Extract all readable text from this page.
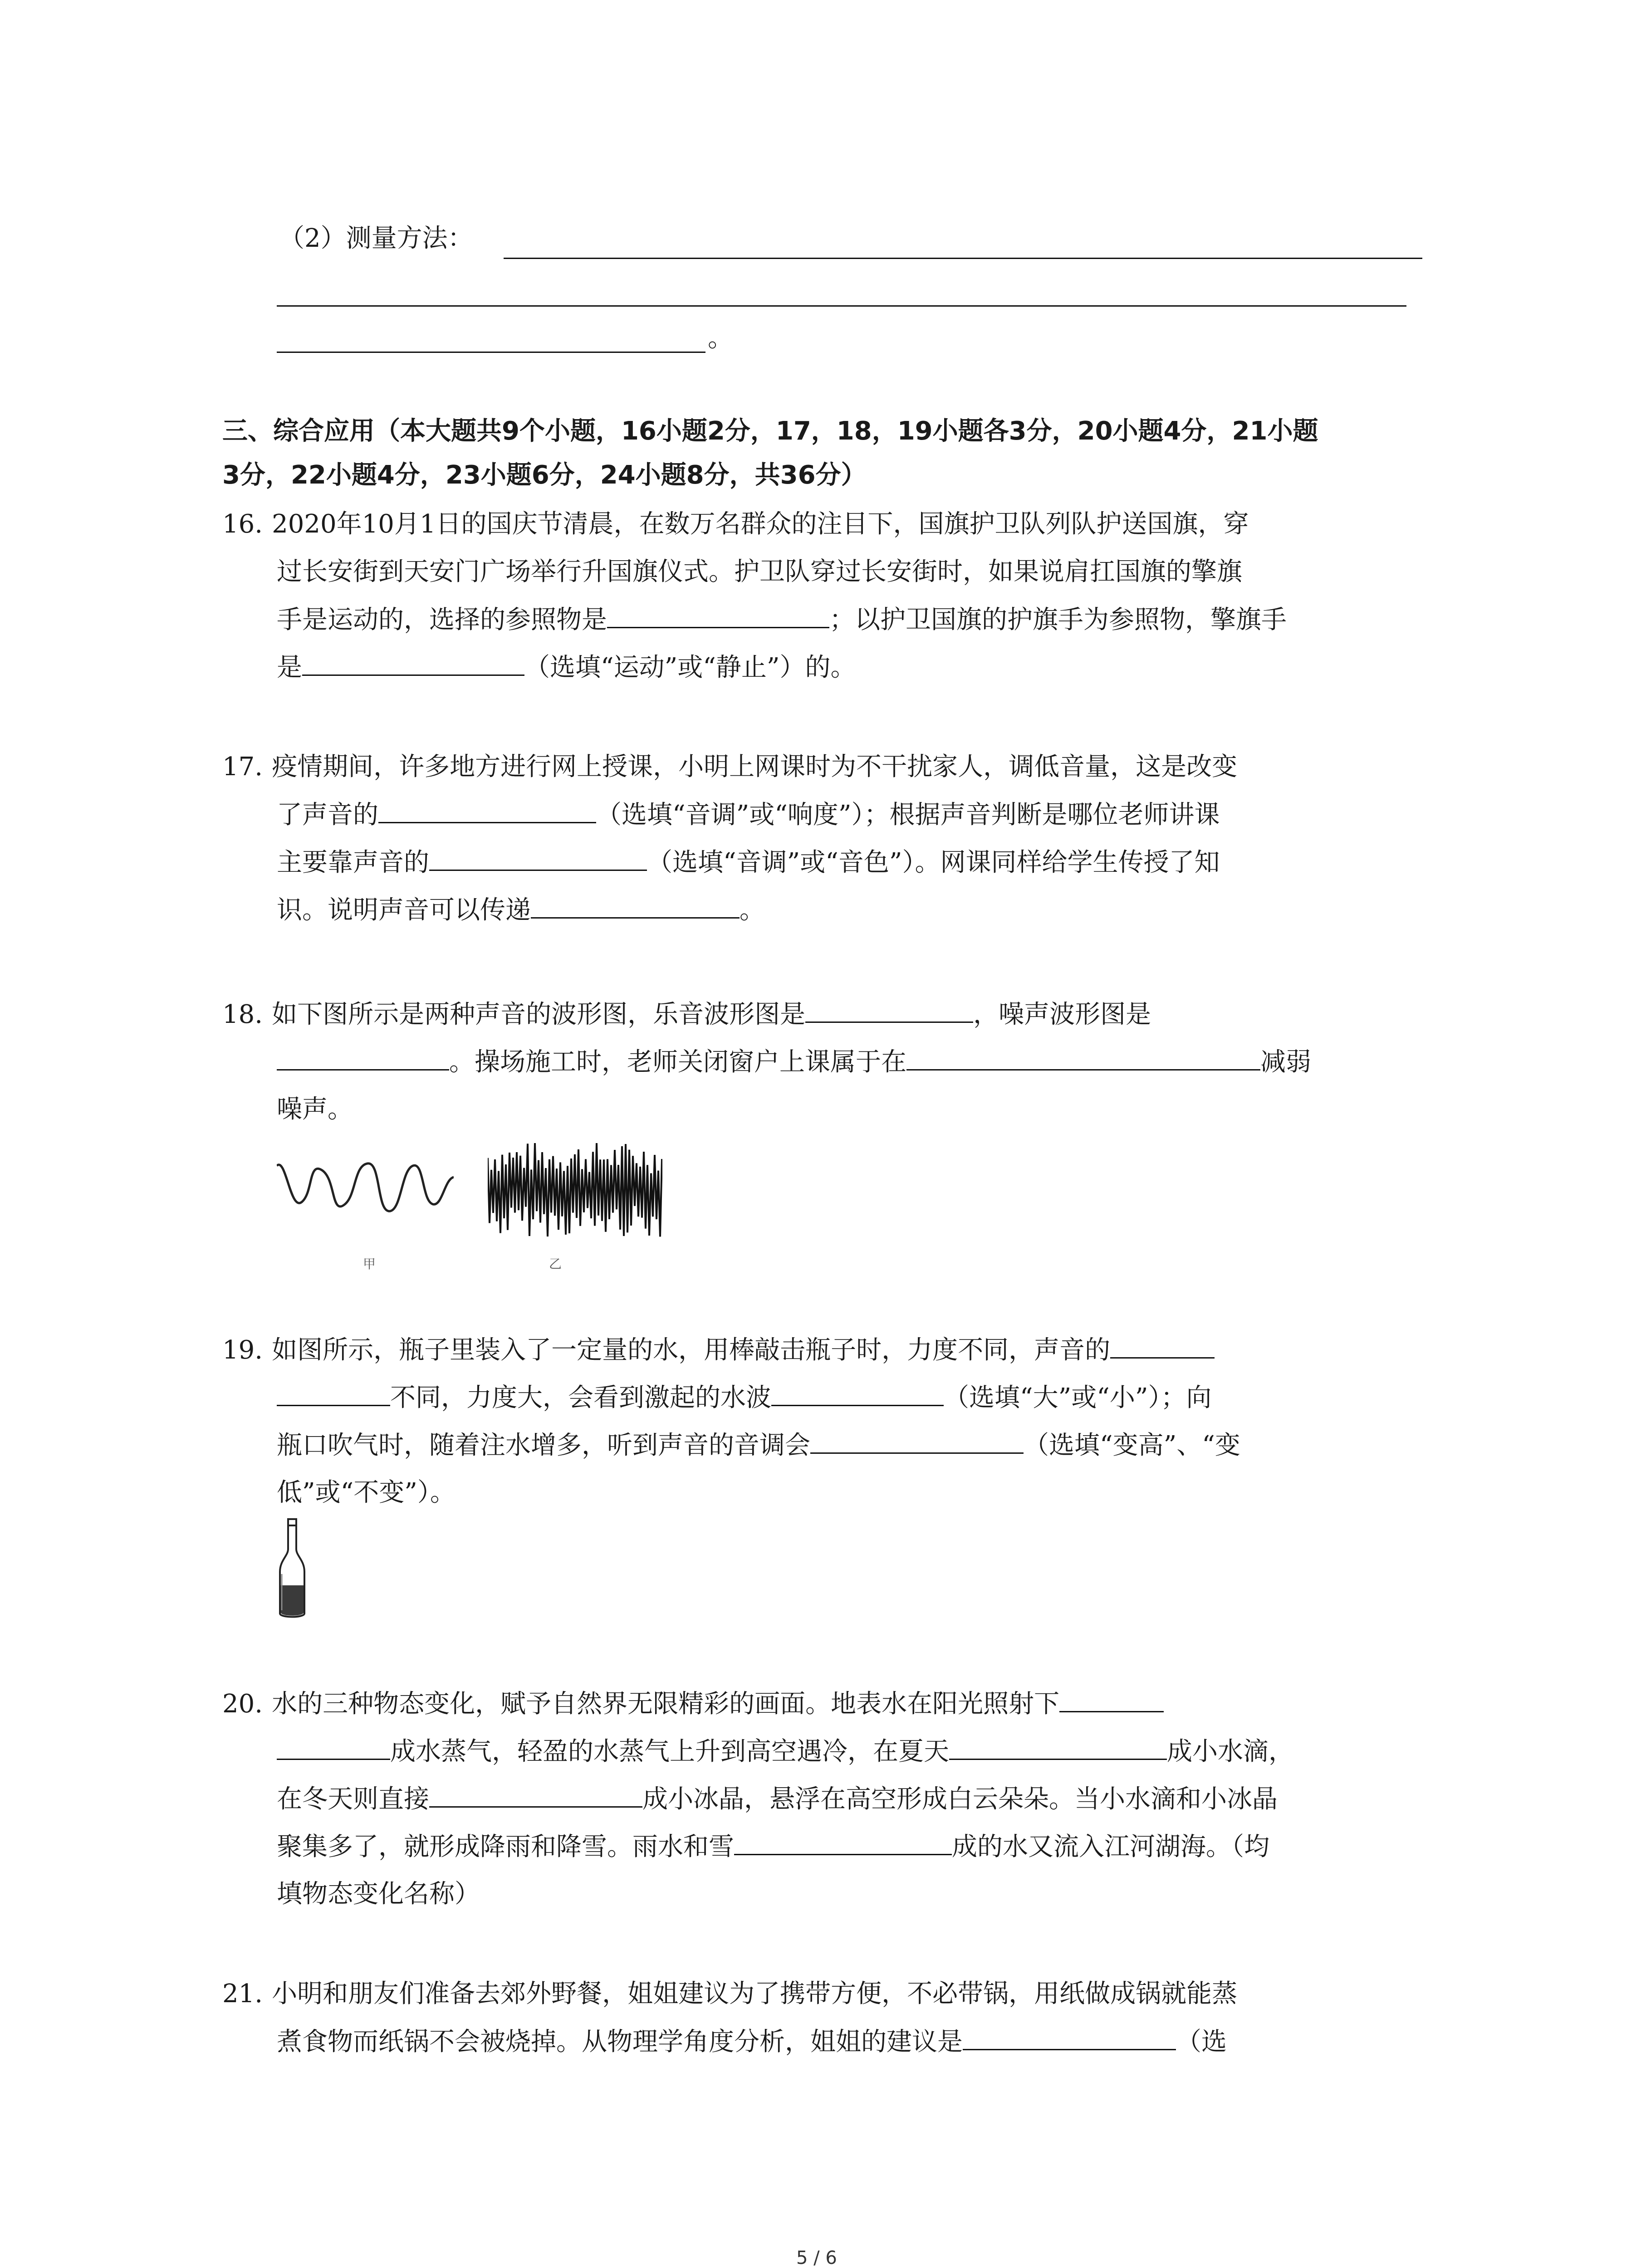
（2）测量方法：
。
三、综合应用（本大题共9个小题，16小题2分，17，18，19小题各3分，20小题4分，21小题
3分，22小题4分，23小题6分，24小题8分，共36分）
16. 2020年10月1日的国庆节清晨，在数万名群众的注目下，国旗护卫队列队护送国旗，穿
过长安街到天安门广场举行升国旗仪式。护卫队穿过长安街时，如果说肩扛国旗的擎旗
手是运动的，选择的参照物是	；以护卫国旗的护旗手为参照物，擎旗手
是	（选填“运动”或“静止”）的。
17. 疫情期间，许多地方进行网上授课，小明上网课时为不干扰家人，调低音量，这是改变
了声音的	（选填“音调”或“响度”）；根据声音判断是哪位老师讲课
主要靠声音的	（选填“音调”或“音色”）。网课同样给学生传授了知
识。说明声音可以传递	。
18. 如下图所示是两种声音的波形图，乐音波形图是	，噪声波形图是
。操场施工时，老师关闭窗户上课属于在	减弱
噪声。
甲	乙
19. 如图所示，瓶子里装入了一定量的水，用棒敲击瓶子时，力度不同，声音的
不同，力度大，会看到激起的水波	（选填“大”或“小”）；向
瓶口吹气时，随着注水增多，听到声音的音调会	（选填“变高”、“变
低”或“不变”）。
20. 水的三种物态变化，赋予自然界无限精彩的画面。地表水在阳光照射下
成水蒸气，轻盈的水蒸气上升到高空遇冷，在夏天	成小水滴，
在冬天则直接	成小冰晶，悬浮在高空形成白云朵朵。当小水滴和小冰晶
聚集多了，就形成降雨和降雪。雨水和雪	成的水又流入江河湖海。（均
填物态变化名称）
21. 小明和朋友们准备去郊外野餐，姐姐建议为了携带方便，不必带锅，用纸做成锅就能蒸
煮食物而纸锅不会被烧掉。从物理学角度分析，姐姐的建议是	（选
5 / 6
